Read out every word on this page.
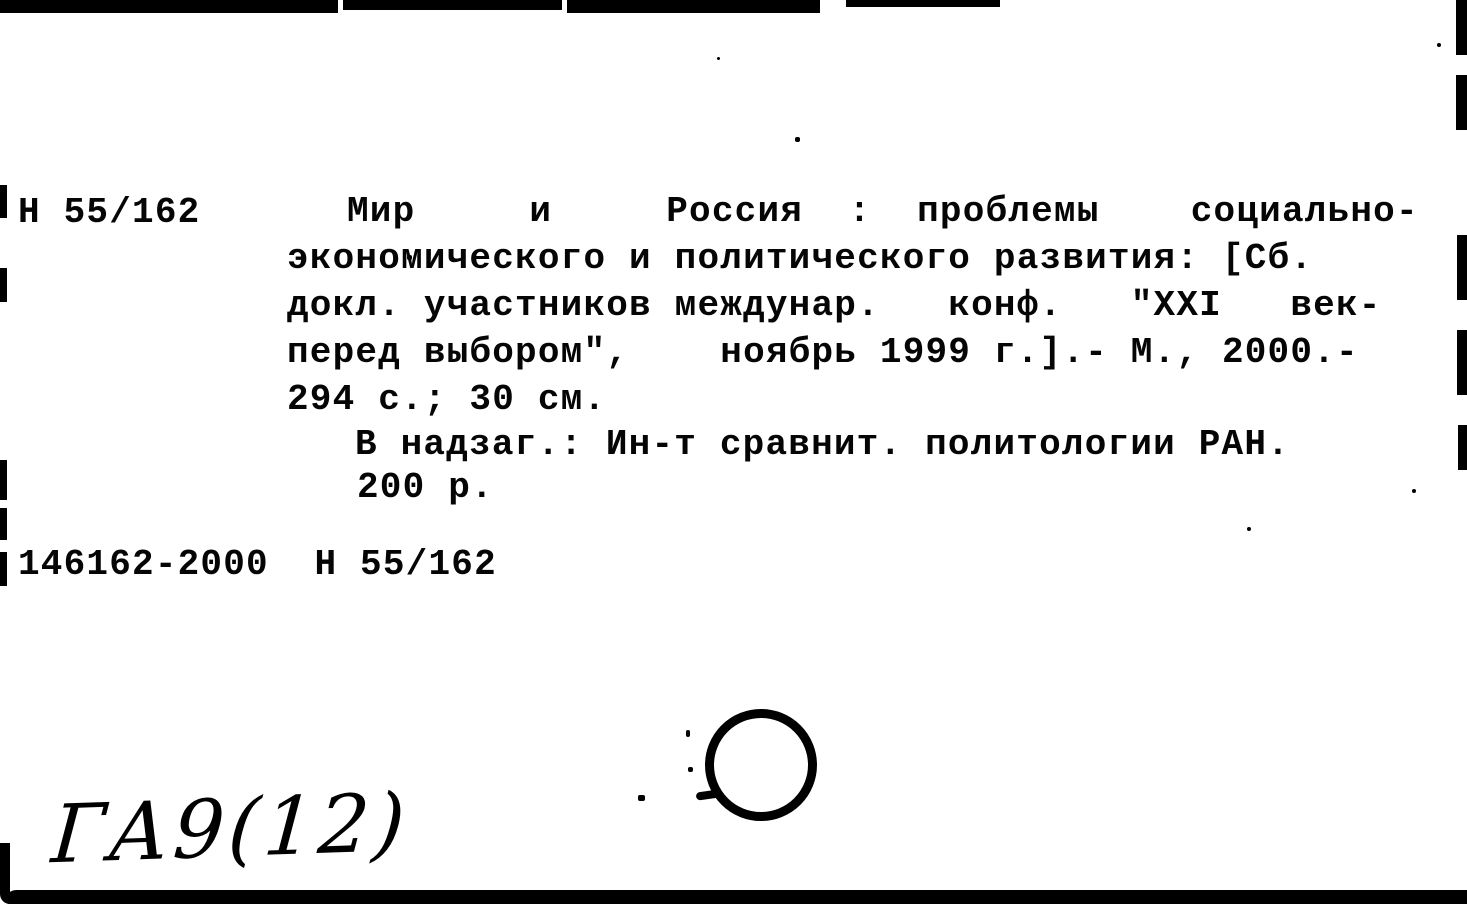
Н 55/162	Мир     и     Россия  :  проблемы    социально-
экономического и политического развития: [Сб.
докл. участников междунар.   конф.   "XXI   век-
перед выбором",    ноябрь 1999 г.].- М., 2000.-
294 с.; 30 см.
В надзаг.: Ин-т сравнит. политологии РАН.
200 р.
146162-2000  Н 55/162
ГА9(12)
